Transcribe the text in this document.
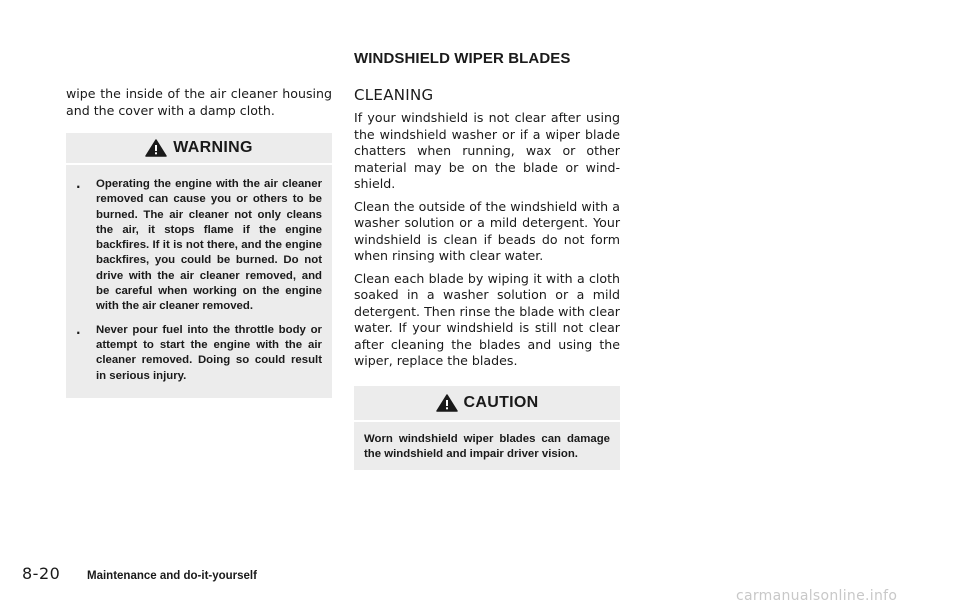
WINDSHIELD WIPER BLADES

wipe the inside of the air cleaner housing and the cover with a damp cloth.

WARNING
. Operating the engine with the air cleaner removed can cause you or others to be burned. The air cleaner not only cleans the air, it stops flame if the engine backfires. If it is not there, and the engine backfires, you could be burned. Do not drive with the air cleaner removed, and be careful when working on the engine with the air cleaner removed.

. Never pour fuel into the throttle body or attempt to start the engine with the air cleaner removed. Doing so could result in serious injury.

CLEANING

If your windshield is not clear after using the windshield washer or if a wiper blade chatters when running, wax or other material may be on the blade or wind-shield.

Clean the outside of the windshield with a washer solution or a mild detergent. Your windshield is clean if beads do not form when rinsing with clear water.

Clean each blade by wiping it with a cloth soaked in a washer solution or a mild detergent. Then rinse the blade with clear water. If your windshield is still not clear after cleaning the blades and using the wiper, replace the blades.

CAUTION

Worn windshield wiper blades can damage the windshield and impair driver vision.

8-20 Maintenance and do-it-yourself
carmanualsonline.info
